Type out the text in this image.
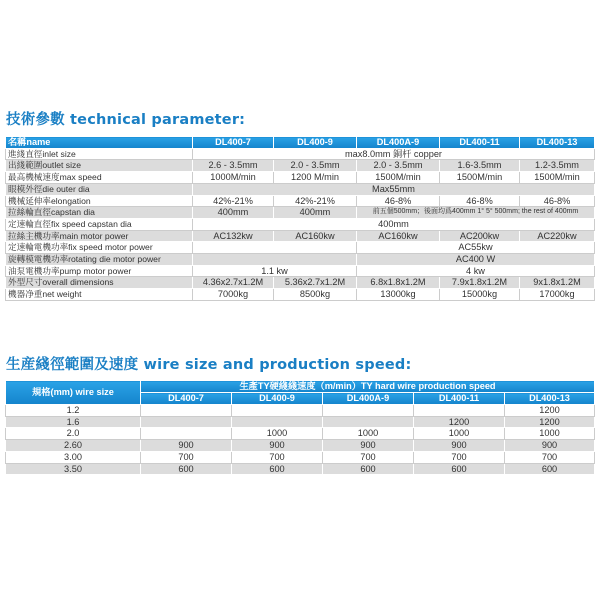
技術參數 technical parameter:
名稱name	DL400-7	DL400-9	DL400A-9	DL400-11	DL400-13
進綫直徑inlet size	max8.0mm 銅杆 copper				
出綫範圍outlet size	2.6 - 3.5mm	2.0 - 3.5mm	2.0 - 3.5mm	1.6-3.5mm	1.2-3.5mm
最高機械速度max speed	1000M/min	1200 M/min	1500M/min	1500M/min	1500M/min
眼模外徑die outer dia	Max55mm				
機械延伸率elongation	42%-21%	42%-21%	46-8%	46-8%	46-8%
拉絲輪直徑capstan dia	400mm	400mm	前五個500mm；後面均爲400mm 1° 5° 500mm; the rest of 400mm		
定速輪直徑fix speed capstan dia	400mm				
拉絲主機功率main motor power	AC132kw	AC160kw	AC160kw	AC200kw	AC220kw
定速輪電機功率fix speed motor power			AC55kw		
旋轉模電機功率rotating die motor power			AC400 W		
油泵電機功率pump motor power	1.1 kw		4 kw		
外型尺寸overall dimensions	4.36x2.7x1.2M	5.36x2.7x1.2M	6.8x1.8x1.2M	7.9x1.8x1.2M	9x1.8x1.2M
機器净重net weight	7000kg	8500kg	13000kg	15000kg	17000kg
生産綫徑範圍及速度 wire size and production speed:
規格(mm) wire size	生產TY硬綫綫速度（m/min）TY hard wire production speed				
	DL400-7	DL400-9	DL400A-9	DL400-11	DL400-13
1.2					1200
1.6				1200	1200
2.0		1000	1000	1000	1000
2.60	900	900	900	900	900
3.00	700	700	700	700	700
3.50	600	600	600	600	600
